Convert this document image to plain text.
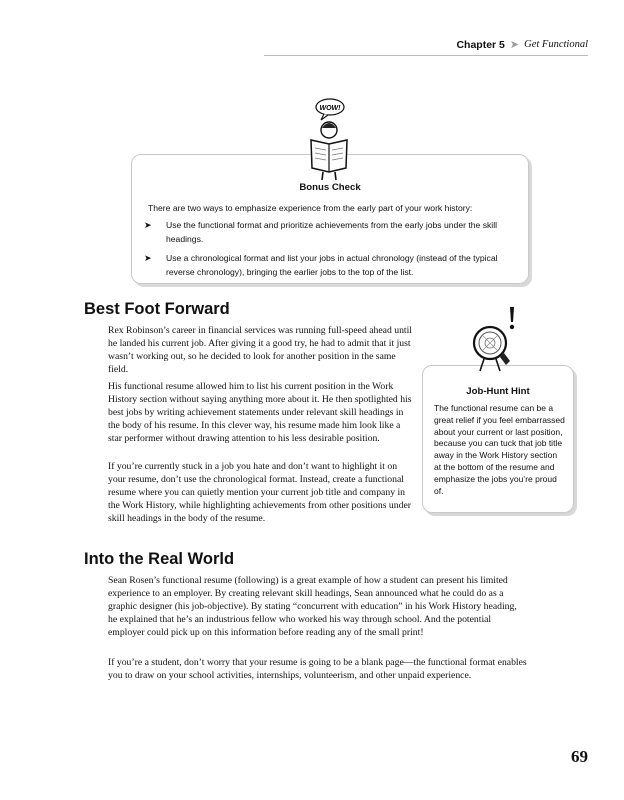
Chapter 5 ➤ Get Functional
Bonus Check
There are two ways to emphasize experience from the early part of your work history:
➤ Use the functional format and prioritize achievements from the early jobs under the skill headings.
➤ Use a chronological format and list your jobs in actual chronology (instead of the typical reverse chronology), bringing the earlier jobs to the top of the list.
WOW!
Best Foot Forward

Rex Robinson’s career in financial services was running full-speed ahead until he landed his current job. After giving it a good try, he had to admit that it just wasn’t working out, so he decided to look for another position in the same field.

His functional resume allowed him to list his current position in the Work History section without saying anything more about it. He then spotlighted his best jobs by writing achievement statements under relevant skill headings in the body of his resume. In this clever way, his resume made him look like a star performer without drawing attention to his less desirable position.

If you’re currently stuck in a job you hate and don’t want to highlight it on your resume, don’t use the chronological format. Instead, create a functional resume where you can quietly mention your current job title and company in the Work History, while highlighting achievements from other positions under skill headings in the body of the resume.

Job-Hunt Hint

The functional resume can be a great relief if you feel embarrassed about your current or last position, because you can tuck that job title away in the Work History section at the bottom of the resume and emphasize the jobs you’re proud of.

Into the Real World

Sean Rosen’s functional resume (following) is a great example of how a student can present his limited experience to an employer. By creating relevant skill headings, Sean announced what he could do as a graphic designer (his job-objective). By stating “concurrent with education” in his Work History heading, he explained that he’s an industrious fellow who worked his way through school. And the potential employer could pick up on this information before reading any of the small print!

If you’re a student, don’t worry that your resume is going to be a blank page—the functional format enables you to draw on your school activities, internships, volunteerism, and other unpaid experience.

69
